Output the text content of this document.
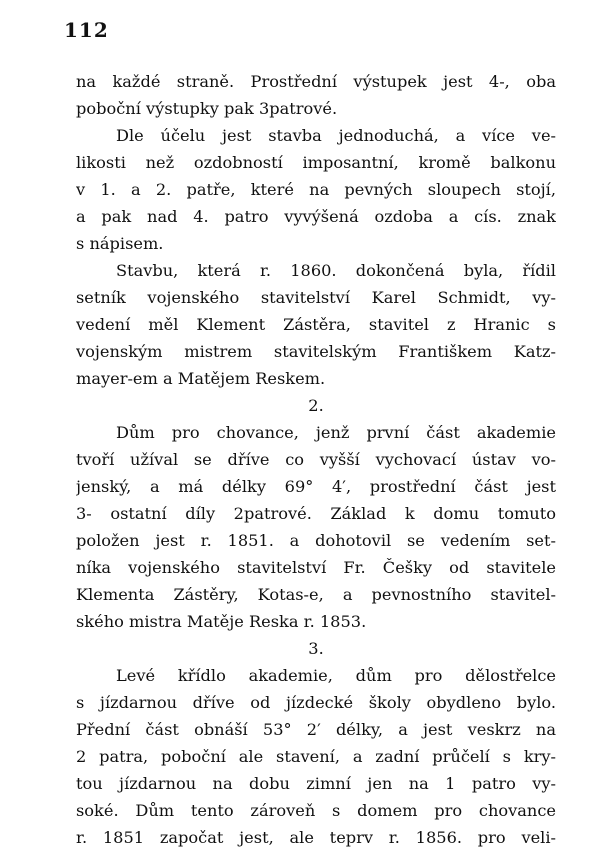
112
na každé straně. Prostřední výstupek jest 4-, oba
poboční výstupky pak 3patrové.
Dle účelu jest stavba jednoduchá, a více ve-
likosti než ozdobností imposantní, kromě balkonu
v 1. a 2. patře, které na pevných sloupech stojí,
a pak nad 4. patro vyvýšená ozdoba a cís. znak
s nápisem.
Stavbu, která r. 1860. dokončená byla, řídil
setník vojenského stavitelství Karel Schmidt, vy-
vedení měl Klement Zástěra, stavitel z Hranic s
vojenským mistrem stavitelským Františkem Katz-
mayer-em a Matějem Reskem.
2.
Dům pro chovance, jenž první část akademie
tvoří užíval se dříve co vyšší vychovací ústav vo-
jenský, a má délky 69° 4′, prostřední část jest
3- ostatní díly 2patrové. Základ k domu tomuto
položen jest r. 1851. a dohotovil se vedením set-
níka vojenského stavitelství Fr. Češky od stavitele
Klementa Zástěry, Kotas-e, a pevnostního stavitel-
ského mistra Matěje Reska r. 1853.
3.
Levé křídlo akademie, dům pro dělostřelce
s jízdarnou dříve od jízdecké školy obydleno bylo.
Přední část obnáší 53° 2′ délky, a jest veskrz na
2 patra, poboční ale stavení, a zadní průčelí s kry-
tou jízdarnou na dobu zimní jen na 1 patro vy-
soké. Dům tento zároveň s domem pro chovance
r. 1851 započat jest, ale teprv r. 1856. pro veli-
